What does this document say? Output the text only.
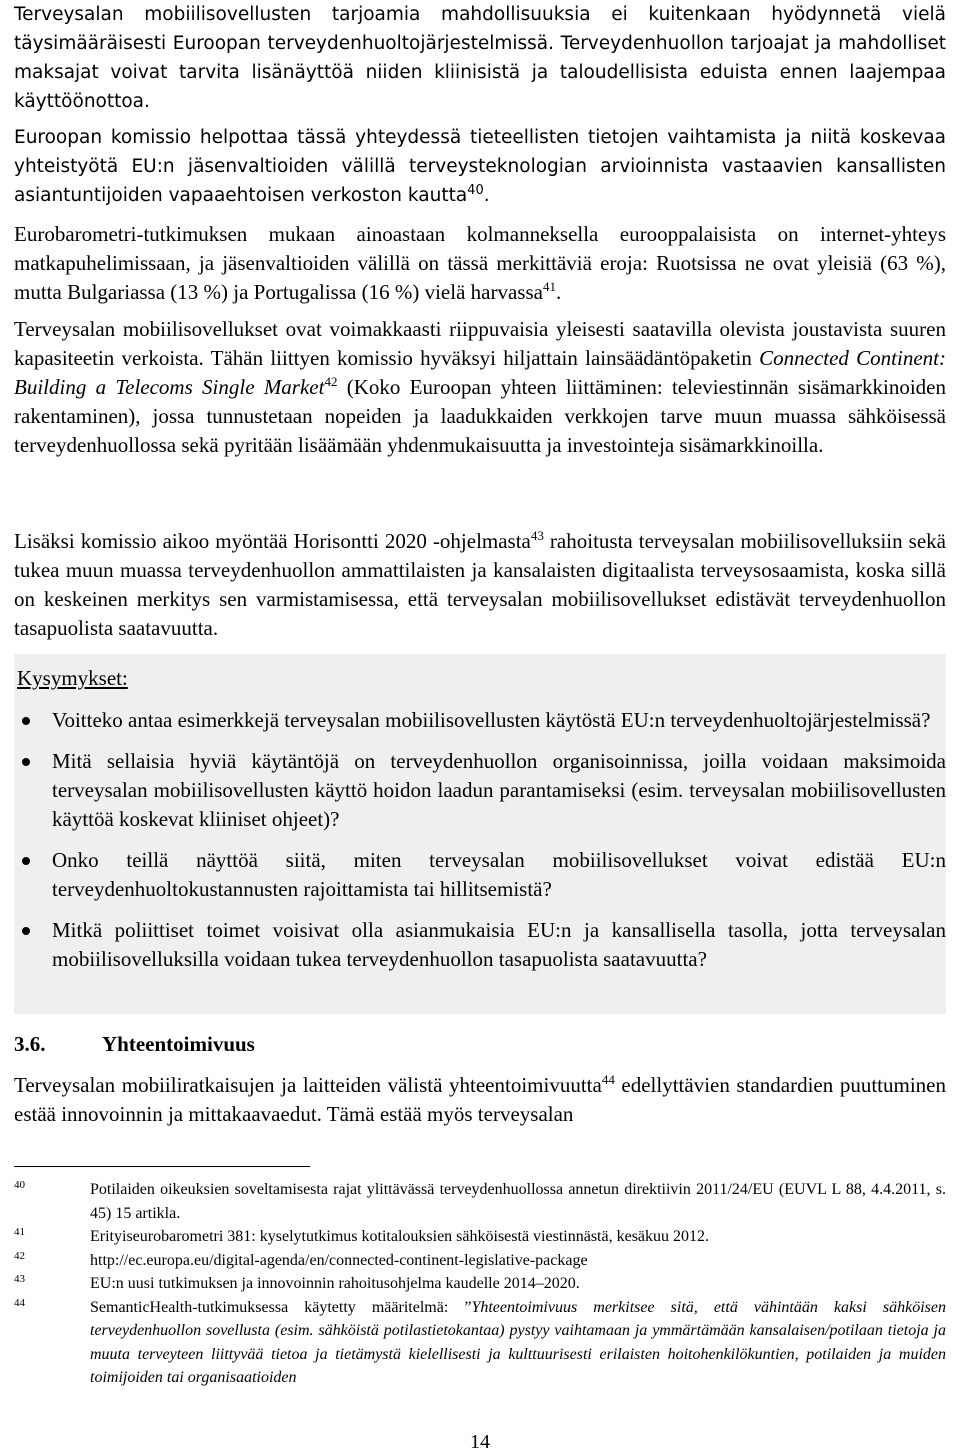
Terveysalan mobiilisovellusten tarjoamia mahdollisuuksia ei kuitenkaan hyödynnetä vielä täysimääräisesti Euroopan terveydenhuoltojärjestelmissä. Terveydenhuollon tarjoajat ja mahdolliset maksajat voivat tarvita lisänäyttöä niiden kliinisistä ja taloudellisista eduista ennen laajempaa käyttöönottoa.

Euroopan komissio helpottaa tässä yhteydessä tieteellisten tietojen vaihtamista ja niitä koskevaa yhteistyötä EU:n jäsenvaltioiden välillä terveysteknologian arvioinnista vastaavien kansallisten asiantuntijoiden vapaaehtoisen verkoston kautta$^{40}$.

Eurobarometri-tutkimuksen mukaan ainoastaan kolmanneksella eurooppalaisista on internet-yhteys matkapuhelimissaan, ja jäsenvaltioiden välillä on tässä merkittäviä eroja: Ruotsissa ne ovat yleisiä (63 %), mutta Bulgariassa (13 %) ja Portugalissa (16 %) vielä harvassa$^{41}$.

Terveysalan mobiilisovellukset ovat voimakkaasti riippuvaisia yleisesti saatavilla olevista joustavista suuren kapasiteetin verkoista. Tähän liittyen komissio hyväksyi hiljattain lainsäädäntöpaketin Connected Continent: Building a Telecoms Single Market$^{42}$ (Koko Euroopan yhteen liittäminen: televiestinnän sisämarkkinoiden rakentaminen), jossa tunnustetaan nopeiden ja laadukkaiden verkkojen tarve muun muassa sähköisessä terveydenhuollossa sekä pyritään lisäämään yhdenmukaisuutta ja investointeja sisämarkkinoilla.

Lisäksi komissio aikoo myöntää Horisontti 2020 -ohjelmasta$^{43}$ rahoitusta terveysalan mobiilisovelluksiin sekä tukea muun muassa terveydenhuollon ammattilaisten ja kansalaisten digitaalista terveysosaamista, koska sillä on keskeinen merkitys sen varmistamisessa, että terveysalan mobiilisovellukset edistävät terveydenhuollon tasapuolista saatavuutta.

Kysymykset:
Voitteko antaa esimerkkejä terveysalan mobiilisovellusten käytöstä EU:n terveydenhuoltojärjestelmissä?
Mitä sellaisia hyviä käytäntöjä on terveydenhuollon organisoinnissa, joilla voidaan maksimoida terveysalan mobiilisovellusten käyttö hoidon laadun parantamiseksi (esim. terveysalan mobiilisovellusten käyttöä koskevat kliiniset ohjeet)?
Onko teillä näyttöä siitä, miten terveysalan mobiilisovellukset voivat edistää EU:n terveydenhuoltokustannusten rajoittamista tai hillitsemistä?
Mitkä poliittiset toimet voisivat olla asianmukaisia EU:n ja kansallisella tasolla, jotta terveysalan mobiilisovelluksilla voidaan tukea terveydenhuollon tasapuolista saatavuutta?
3.6.	Yhteentoimivuus

Terveysalan mobiiliratkaisujen ja laitteiden välistä yhteentoimivuutta$^{44}$ edellyttävien standardien puuttuminen estää innovoinnin ja mittakaavaedut. Tämä estää myös terveysalan

40	Potilaiden oikeuksien soveltamisesta rajat ylittävässä terveydenhuollossa annetun direktiivin 2011/24/EU (EUVL L 88, 4.4.2011, s. 45) 15 artikla.
41	Erityiseurobarometri 381: kyselytutkimus kotitalouksien sähköisestä viestinnästä, kesäkuu 2012.
42	http://ec.europa.eu/digital-agenda/en/connected-continent-legislative-package
43	EU:n uusi tutkimuksen ja innovoinnin rahoitusohjelma kaudelle 2014–2020.
44	SemanticHealth-tutkimuksessa käytetty määritelmä: ”Yhteentoimivuus merkitsee sitä, että vähintään kaksi sähköisen terveydenhuollon sovellusta (esim. sähköistä potilastietokantaa) pystyy vaihtamaan ja ymmärtämään kansalaisen/potilaan tietoja ja muuta terveyteen liittyvää tietoa ja tietämystä kielellisesti ja kulttuurisesti erilaisten hoitohenkilökuntien, potilaiden ja muiden toimijoiden tai organisaatioiden
14
